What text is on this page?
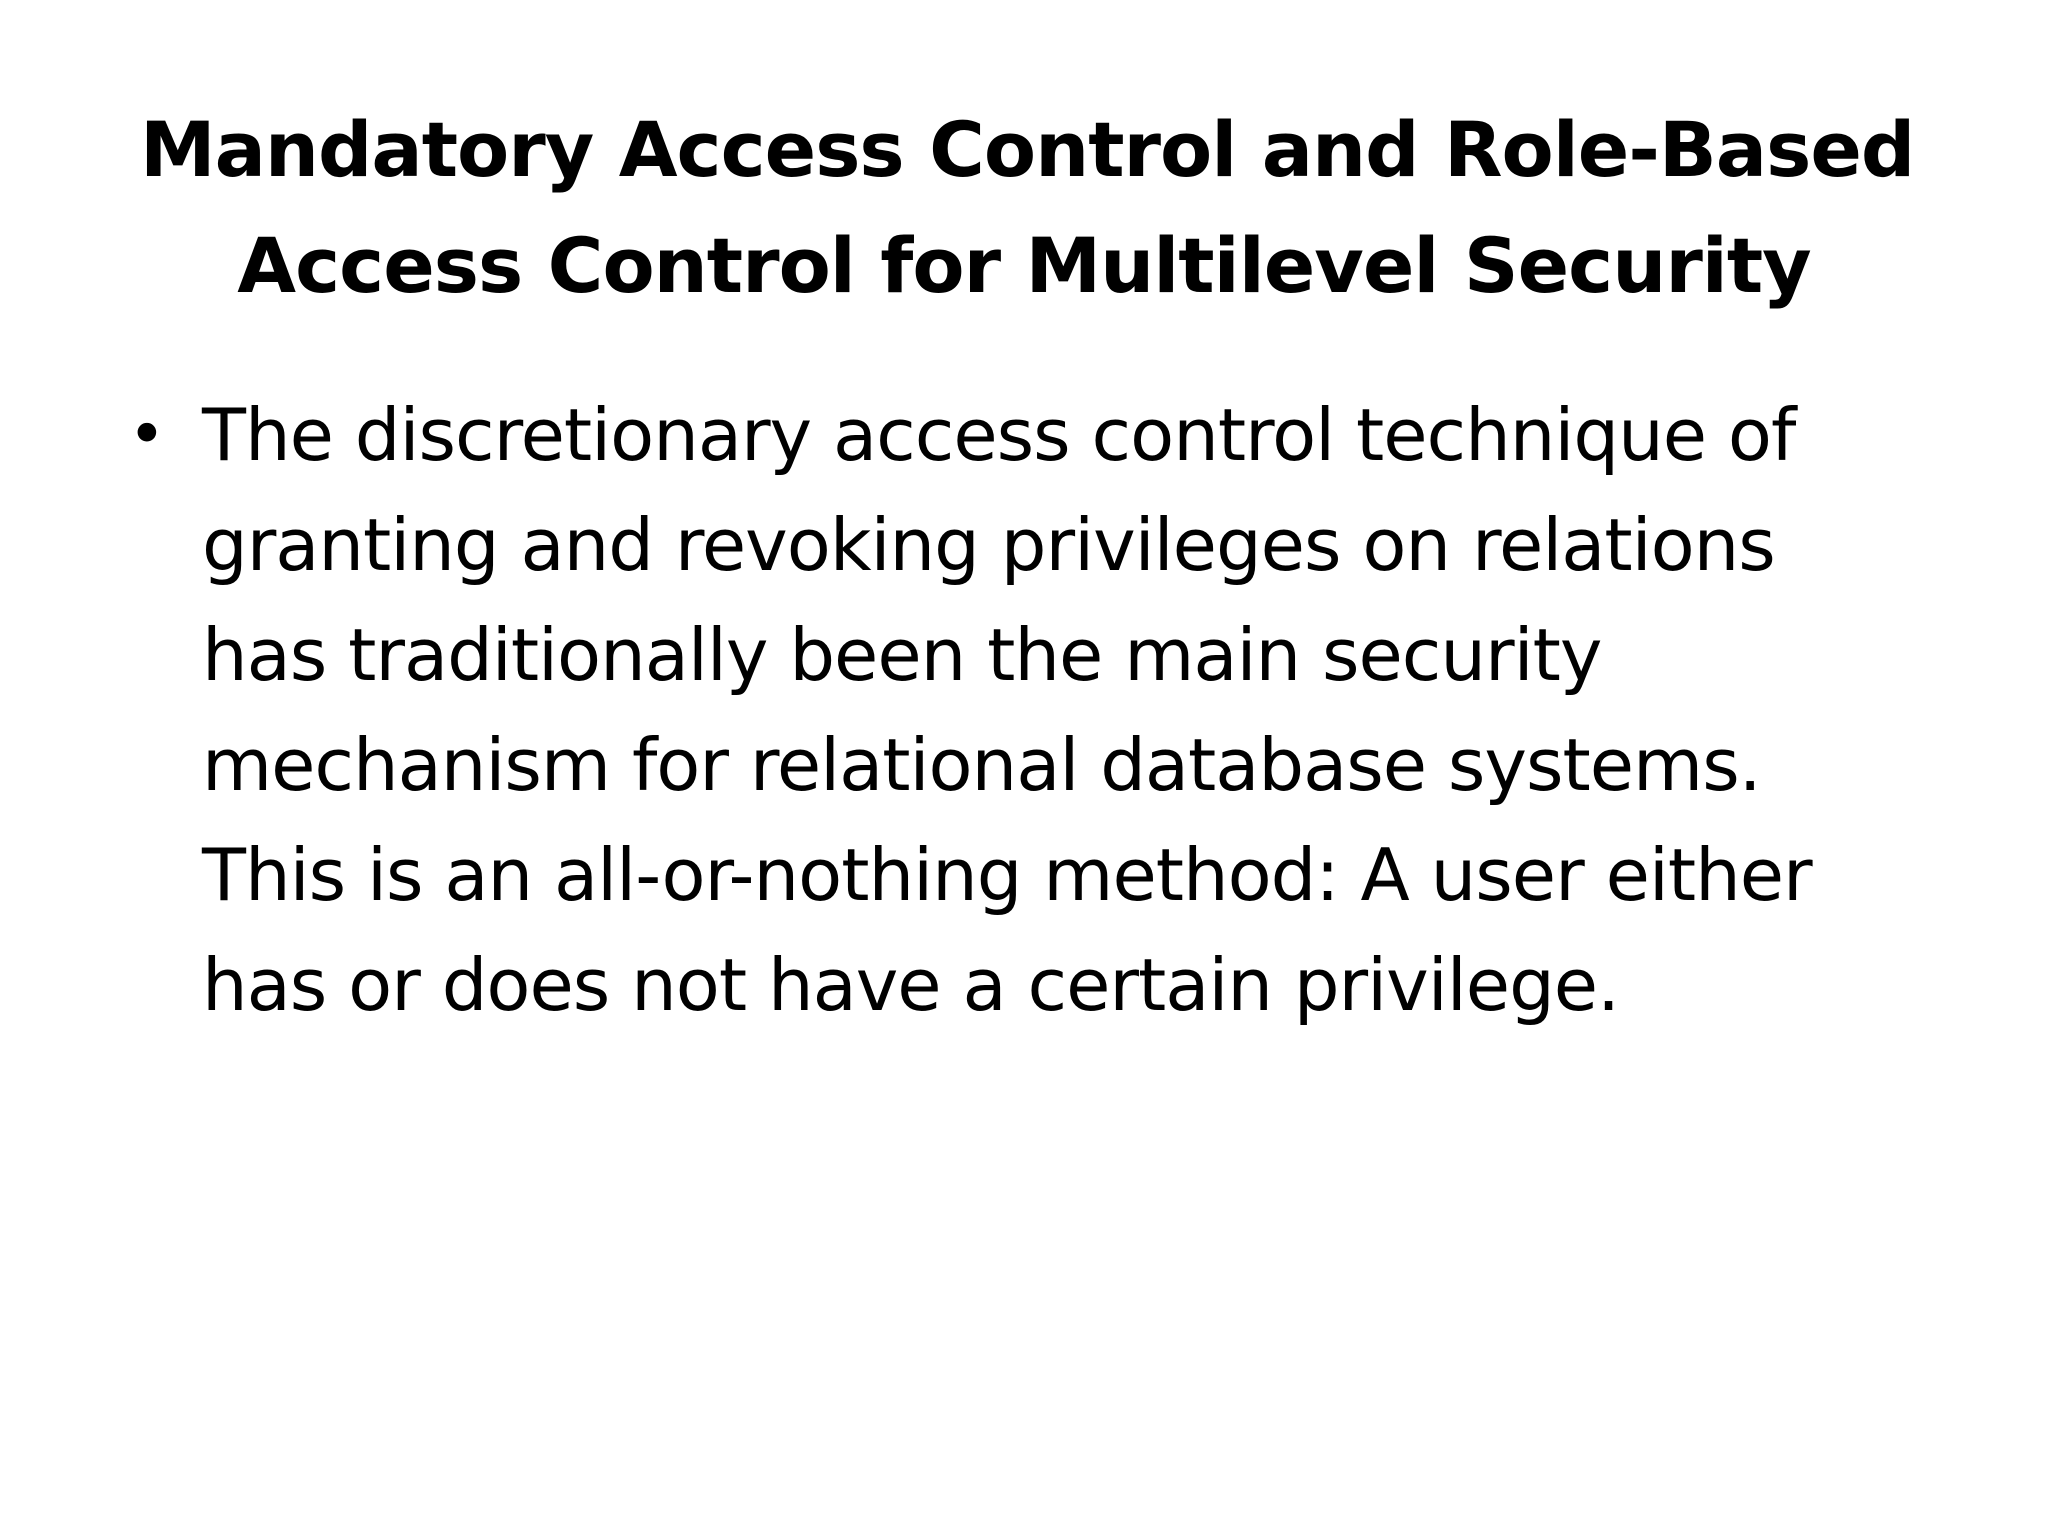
Mandatory Access Control and Role-Based
Access Control for Multilevel Security
• The discretionary access control technique of
granting and revoking privileges on relations
has traditionally been the main security
mechanism for relational database systems.
This is an all-or-nothing method: A user either
has or does not have a certain privilege.
